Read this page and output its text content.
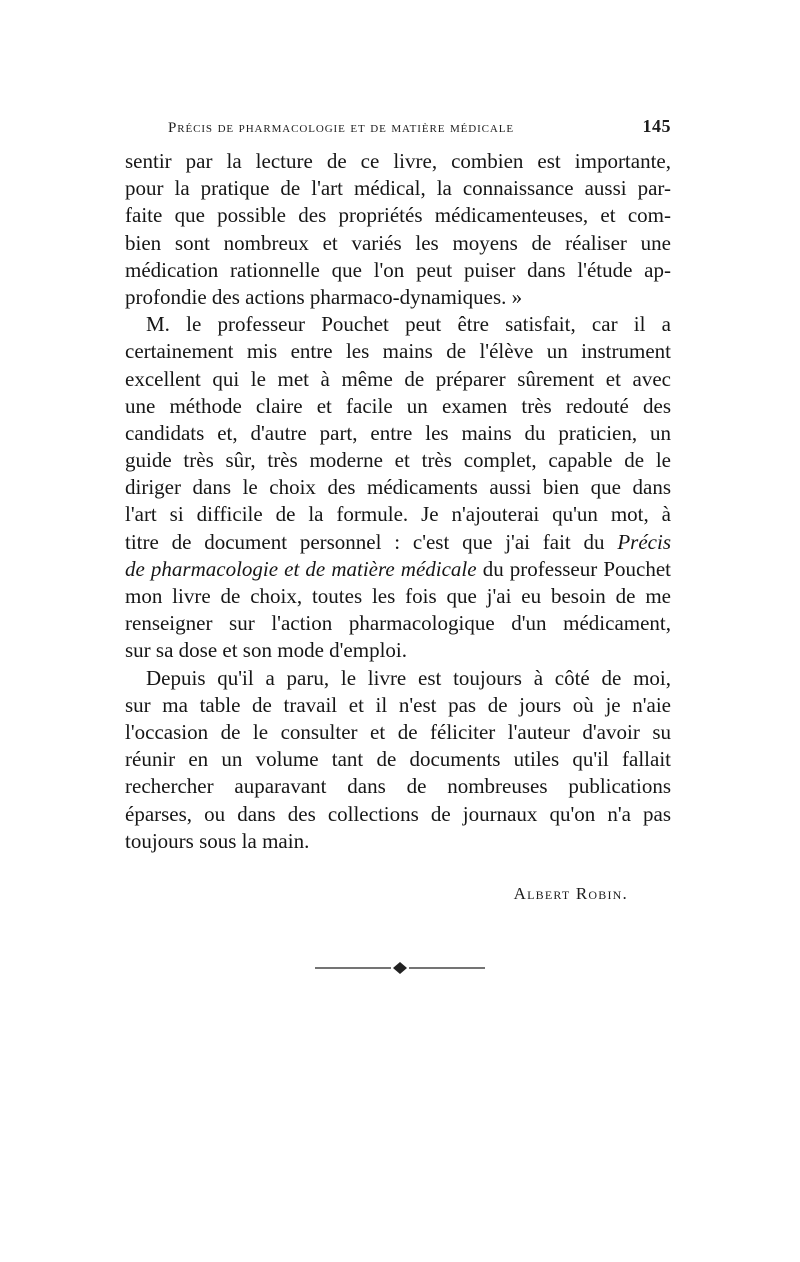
Précis de pharmacologie et de matière médicale	145
sentir par la lecture de ce livre, combien est importante,
pour la pratique de l'art médical, la connaissance aussi par-
faite que possible des propriétés médicamenteuses, et com-
bien sont nombreux et variés les moyens de réaliser une
médication rationnelle que l'on peut puiser dans l'étude ap-
profondie des actions pharmaco-dynamiques. »
M. le professeur Pouchet peut être satisfait, car il a
certainement mis entre les mains de l'élève un instrument
excellent qui le met à même de préparer sûrement et avec
une méthode claire et facile un examen très redouté des
candidats et, d'autre part, entre les mains du praticien, un
guide très sûr, très moderne et très complet, capable de le
diriger dans le choix des médicaments aussi bien que dans
l'art si difficile de la formule. Je n'ajouterai qu'un mot, à
titre de document personnel : c'est que j'ai fait du Précis
de pharmacologie et de matière médicale du professeur Pouchet
mon livre de choix, toutes les fois que j'ai eu besoin de me
renseigner sur l'action pharmacologique d'un médicament,
sur sa dose et son mode d'emploi.
Depuis qu'il a paru, le livre est toujours à côté de moi,
sur ma table de travail et il n'est pas de jours où je n'aie
l'occasion de le consulter et de féliciter l'auteur d'avoir su
réunir en un volume tant de documents utiles qu'il fallait
rechercher auparavant dans de nombreuses publications
éparses, ou dans des collections de journaux qu'on n'a pas
toujours sous la main.
Albert Robin.
